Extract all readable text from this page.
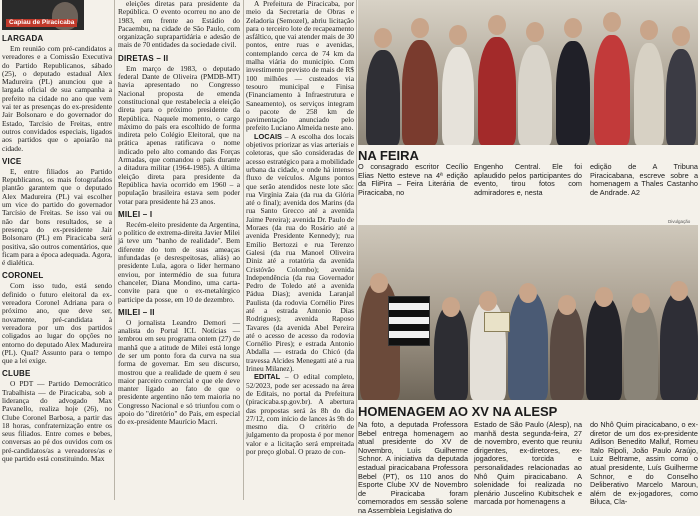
Capiau de Piracicaba
LARGADA
Em reunião com pré-candidatos a vereadores e a Comissão Executiva do Partido Republicanos, sábado (25), o deputado estadual Alex Madureira (PL) anunciou que a largada oficial de sua campanha a prefeito na cidade no ano que vem vai ter as presenças do ex-presidente Jair Bolsonaro e do governador do Estado, Tarcísio de Freitas, entre outros convidados especiais, ligados aos partidos que o apoiarão na cidade.
VICE
E, entre filiados ao Partido Republicanos, os mais fotografados plantão garantem que o deputado Alex Madureira (PL) vai escolher um vice do partido do governador Tarcísio de Freitas. Se isso vai ou não dar bons resultados, se a presença do ex-presidente Jair Bolsonaro (PL) em Piracicaba será positiva, são outros comentários, que ficam para a época adequada. Agora, é dialética.
CORONEL
Com isso tudo, está sendo definido o futuro eleitoral da ex-vereadora Coronel Adriana para o próximo ano, que deve ser, novamente, pré-candidata à vereadora por um dos partidos coligados ao lugar do opções no entorno do deputado Alex Madureira (PL). Qual? Assunto para o tempo que a lei exige.
CLUBE
O PDT — Partido Democrático Trabalhista — de Piracicaba, sob a liderança do advogado Max Pavanello, realiza hoje (26), no Clube Coronel Barbosa, a partir das 18 horas, confraternização entre os seus filiados. Entre comes e bebes, conversas ao pé dos ouvidos com os pré-candidatos/as a vereadores/as e que partido está constituindo. Max
eleições diretas para presidente da República. O evento ocorreu no ano de 1983, em frente ao Estádio do Pacaembu, na cidade de São Paulo, com organização suprapartidária e adesão de mais de 70 entidades da sociedade civil.
DIRETAS – II
Em março de 1983, o deputado federal Dante de Oliveira (PMDB-MT) havia apresentado no Congresso Nacional proposta de emenda constitucional que restabelecia a eleição direta para o próximo presidente da República. Naquele momento, o cargo máximo do país era escolhido de forma indireta pelo Colégio Eleitoral, que na prática apenas ratificava o nome indicado pelo alto comando das Forças Armadas, que comandou o país durante a ditadura militar (1964-1985). A última eleição direta para presidente da República havia ocorrido em 1960 – a população brasileira estava sem poder votar para presidente há 23 anos.
MILEI – I
Recém-eleito presidente da Argentina, o político de extrema-direita Javier Milei já teve um "banho de realidade". Bem diferente do tom de suas ameaças infundadas (e desrespeitosas, aliás) ao presidente Lula, agora o líder hermano enviou, por intermédio de sua futura chanceler, Diana Mondino, uma carta-convite para que o ex-metalúrgico participe da posse, em 10 de dezembro.
MILEI – II
O jornalista Leandro Demori — analista do Portal ICL Notícias — lembrou em seu programa ontem (27) de manhã que a atitude de Milei está longe de ser um ponto fora da curva na sua forma de governar. Em seu discurso, mostrou que a realidade de quem é seu maior parceiro comercial e que ele deve manter ligado ao fato de que o presidente argentino não tem maioria no Congresso Nacional e só triunfou com o apoio do "diretório" do País, em especial do ex-presidente Maurício Macri.
A Prefeitura de Piracicaba, por meio da Secretaria de Obras e Zeladoria (Semozel), abriu licitação para o terceiro lote de recapeamento asfáltico, que vai atender mais de 30 pontos, entre ruas e avenidas, contemplando cerca de 74 km da malha viária do município. Com investimento previsto de mais de R$ 100 milhões — custeados via tesouro municipal e Finisa (Financiamento à Infraestrutura e Saneamento), os serviços integram o pacote de 258 km de pavimentação anunciado pelo prefeito Luciano Almeida neste ano.
LOCAIS – A escolha dos locais objetivos priorizar as vias arteriais e coletoras, que são consideradas de acesso estratégico para a mobilidade urbana da cidade, e onde há intenso fluxo de veículos. Alguns pontos que serão atendidos neste lote são: rua Virgínia Zaia (da rua da Glória até o final); avenida dos Marins (da rua Santo Grecco até a avenida Jaime Pereira); avenida Dr. Paulo de Moraes (da rua do Rosário até a avenida Presidente Kennedy); rua Emílio Bertozzi e rua Terenzo Galesi (da rua Manoel Oliveira Diniz até a rotatória da avenida Cristóvão Colombo); avenida Independência (da rua Governador Pedro de Toledo até a avenida Pádua Dias); avenida Laranjal Paulista (da rodovia Cornélio Pires até a estrada Antonio Dias Rodrigues); avenida Raposo Tavares (da avenida Abel Pereira até o acesso de acesso da rodovia Cornélio Pires); e estrada Antonio Abdalla — estrada do Chicó (da travessa Alcides Menegatti até a rua Irineu Milanez).
EDITAL – O edital completo, 52/2023, pode ser acessado na área de Editais, no portal da Prefeitura (piracicaba.sp.gov.br). A abertura das propostas será às 8h do dia 27/12, com início de lances às 9h do mesmo dia. O critério de julgamento da proposta é por menor valor e a licitação será empreitada por preço global. O prazo de con-
NA FEIRA
O consagrado escritor Cecílio Elias Netto esteve na 4ª edição da FliPira – Feira Literária de Piracicaba, no
Engenho Central. Ele foi aplaudido pelos participantes do evento, tirou fotos com admiradores e, nesta
edição de A Tribuna Piracicabana, escreve sobre a homenagem a Thales Castanho de Andrade. A2
Divulgação
HOMENAGEM AO XV NA ALESP
Na foto, a deputada Professora Bebel entrega homenagem ao atual presidente do XV de Novembro, Luís Guilherme Schnor. A iniciativa da deputada estadual piracicabana Professora Bebel (PT), os 110 anos do Esporte Clube XV de Novembro de Piracicaba foram comemorados em sessão solene na Assembleia Legislativa do
Estado de São Paulo (Alesp), na manhã desta segunda-feira, 27 de novembro, evento que reuniu dirigentes, ex-diretores, ex-jogadores, torcida e personalidades relacionadas ao Nhô Quim piracicabano. A solenidade foi realizada no plenário Juscelino Kubitschek e marcada por homenagens a
do Nhô Quim piracicabano, o ex-diretor de um dos ex-presidente Adilson Benedito Malluf, Romeu Italo Ripoli, João Paulo Araújo, Luiz Beltrame, assim como o atual presidente, Luís Guilherme Schnor, e do Conselho Deliberativo Marcelo Maroun, além de ex-jogadores, como Biluca, Cla-
